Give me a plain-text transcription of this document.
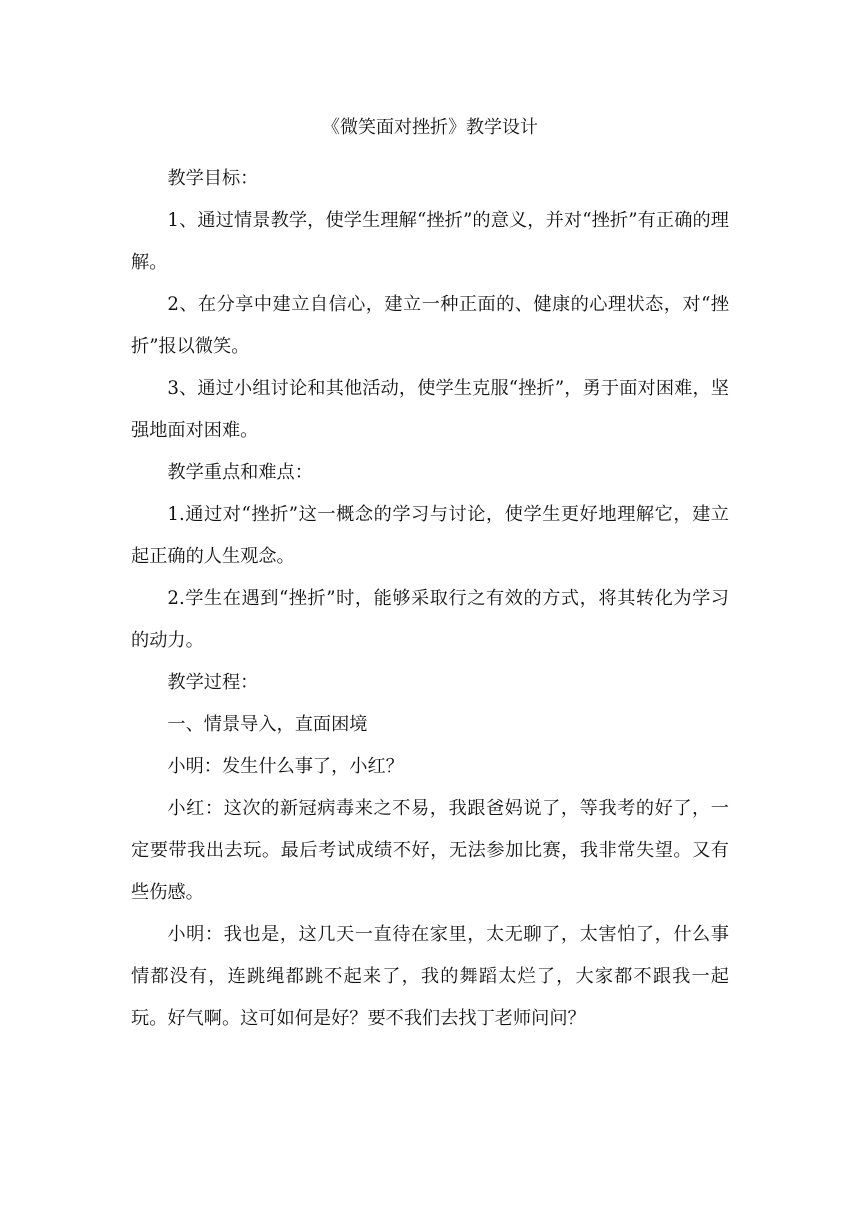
《微笑面对挫折》教学设计

教学目标：

1、通过情景教学，使学生理解“挫折”的意义，并对“挫折”有正确的理解。

2、在分享中建立自信心，建立一种正面的、健康的心理状态，对“挫折”报以微笑。

3、通过小组讨论和其他活动，使学生克服“挫折”，勇于面对困难，坚强地面对困难。

教学重点和难点：

1.通过对“挫折”这一概念的学习与讨论，使学生更好地理解它，建立起正确的人生观念。

2.学生在遇到“挫折”时，能够采取行之有效的方式，将其转化为学习的动力。

教学过程：

一、情景导入，直面困境

小明：发生什么事了，小红？

小红：这次的新冠病毒来之不易，我跟爸妈说了，等我考的好了，一定要带我出去玩。最后考试成绩不好，无法参加比赛，我非常失望。又有些伤感。

小明：我也是，这几天一直待在家里，太无聊了，太害怕了，什么事情都没有，连跳绳都跳不起来了，我的舞蹈太烂了，大家都不跟我一起玩。好气啊。这可如何是好？要不我们去找丁老师问问？
